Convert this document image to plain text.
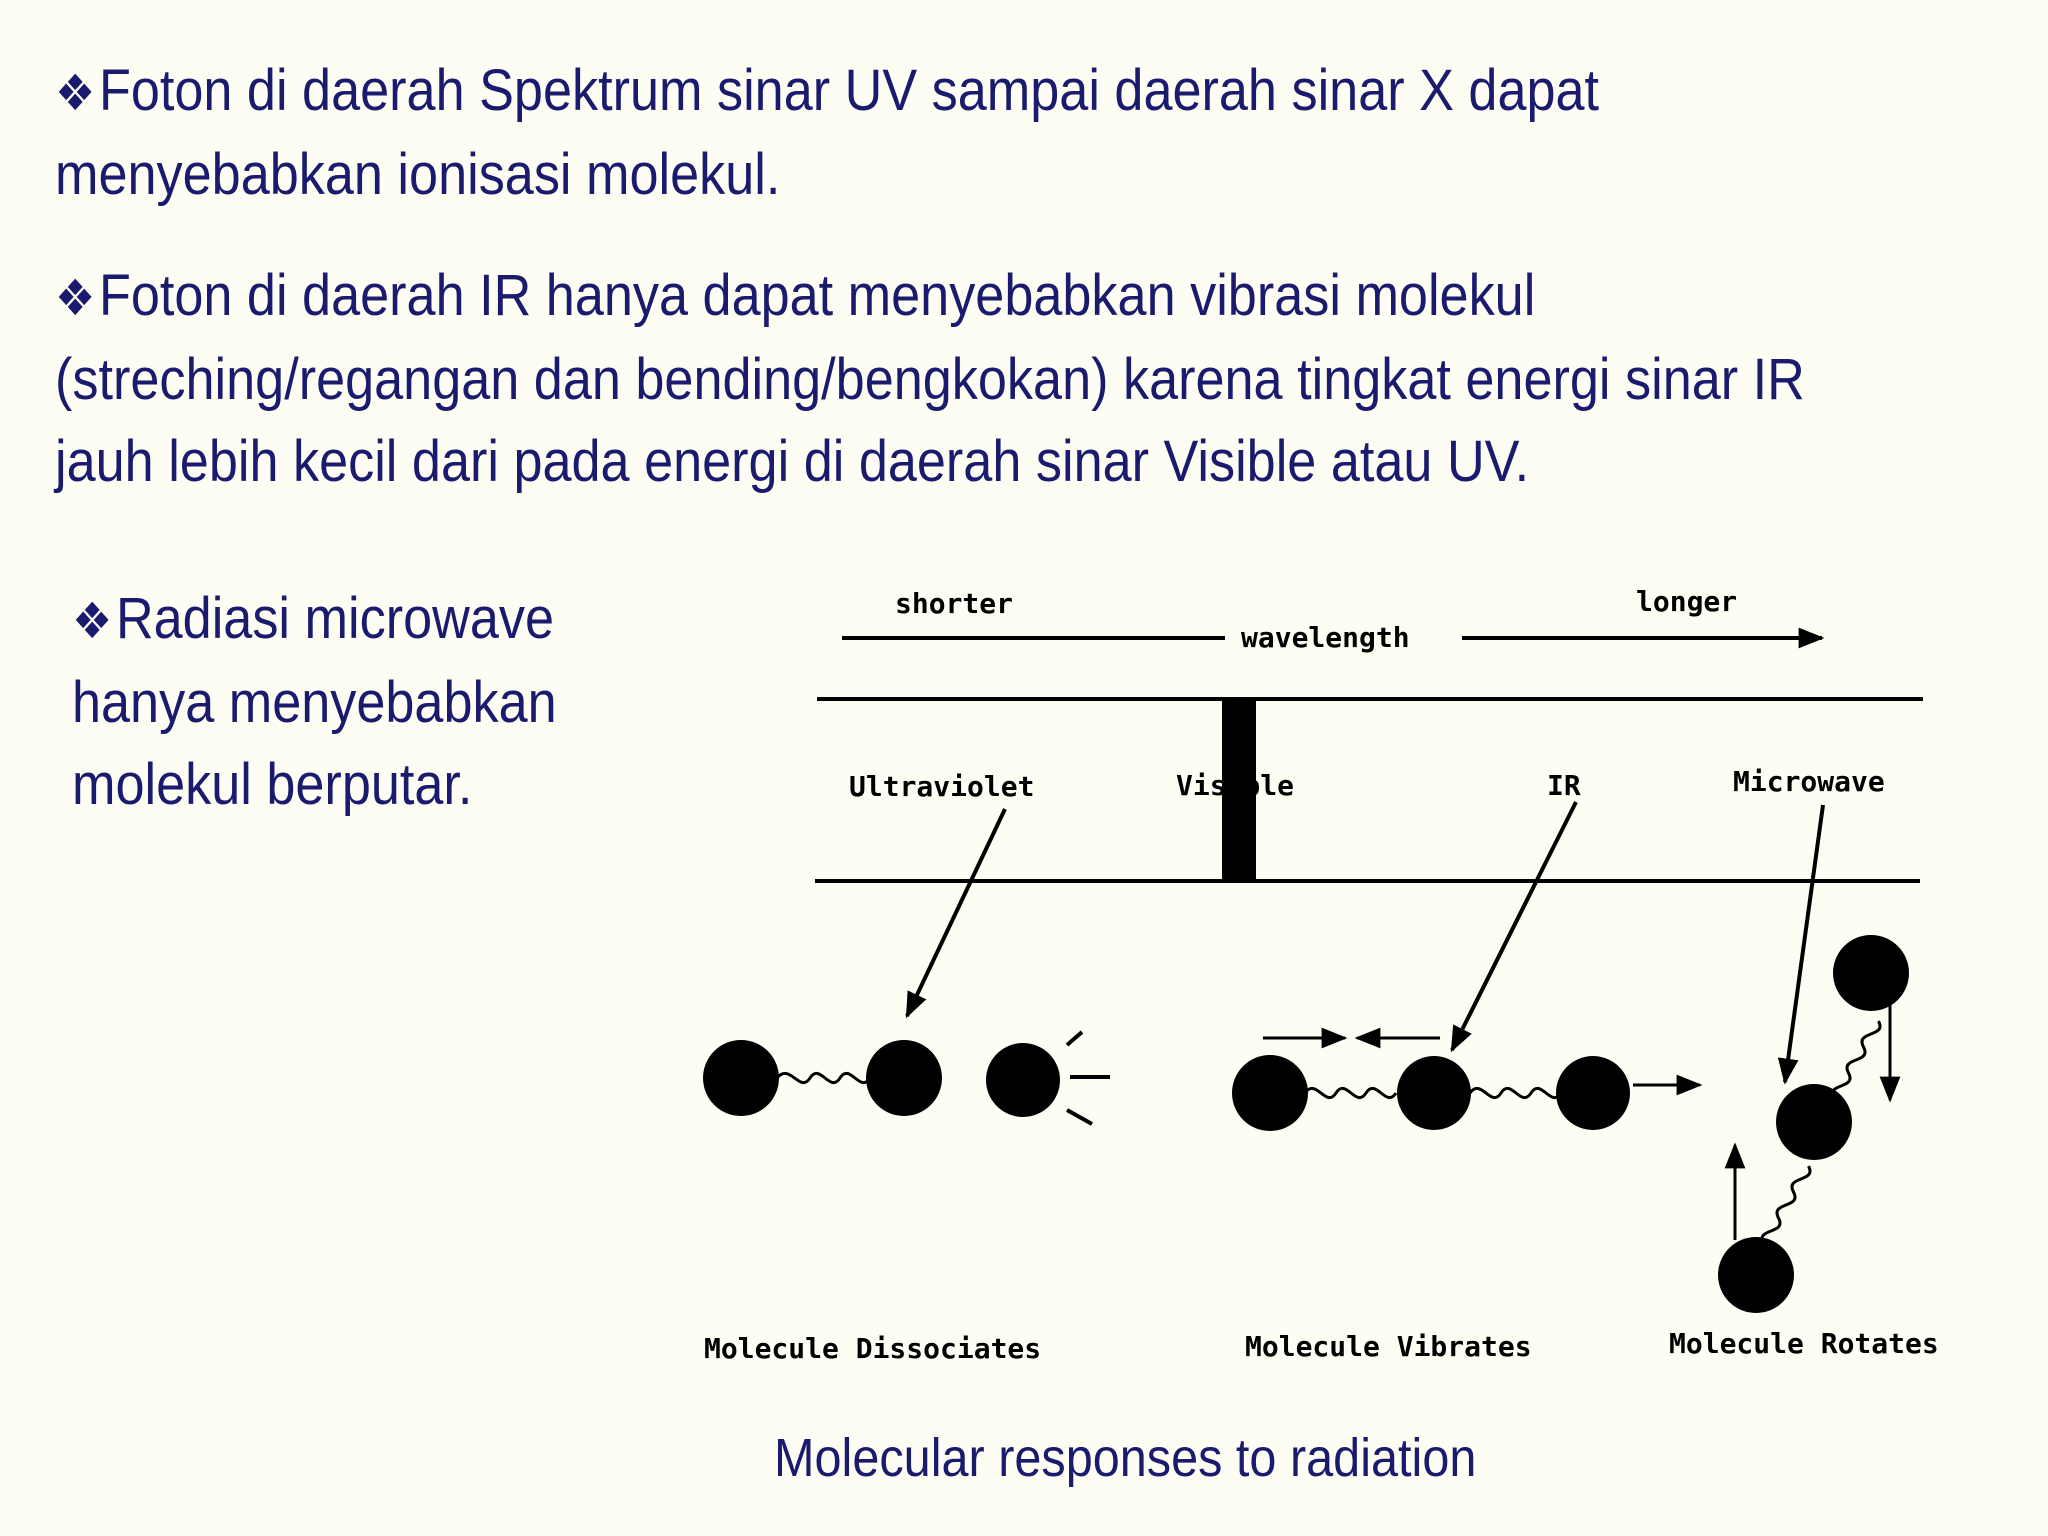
❖Foton di daerah Spektrum sinar UV sampai daerah sinar X dapat menyebabkan ionisasi molekul.
❖Foton di daerah IR hanya dapat menyebabkan vibrasi molekul (streching/regangan dan bending/bengkokan) karena tingkat energi sinar IR jauh lebih kecil dari pada energi di daerah sinar Visible atau UV.
❖Radiasi microwave hanya menyebabkan molekul berputar.
shorter	longer
wavelength
Ultraviolet	Visible	IR	Microwave
Molecule Dissociates	Molecule Vibrates	Molecule Rotates
Molecular responses to radiation
